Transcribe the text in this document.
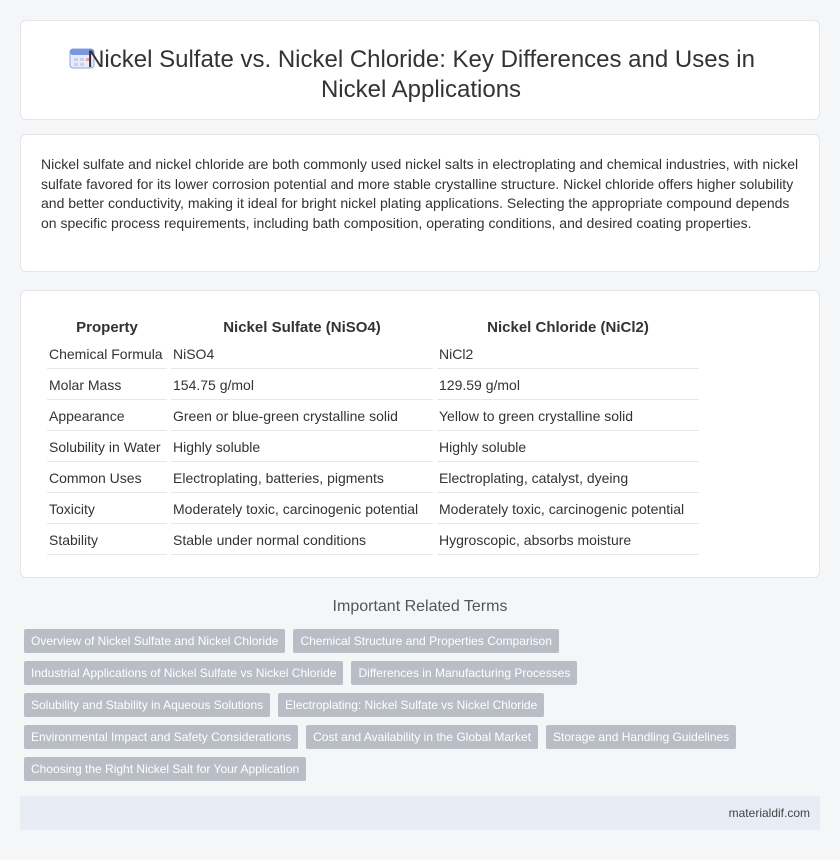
Nickel Sulfate vs. Nickel Chloride: Key Differences and Uses in Nickel Applications

Nickel sulfate and nickel chloride are both commonly used nickel salts in electroplating and chemical industries, with nickel sulfate favored for its lower corrosion potential and more stable crystalline structure. Nickel chloride offers higher solubility and better conductivity, making it ideal for bright nickel plating applications. Selecting the appropriate compound depends on specific process requirements, including bath composition, operating conditions, and desired coating properties.

Property	Nickel Sulfate (NiSO4)	Nickel Chloride (NiCl2)
Chemical Formula	NiSO4	NiCl2
Molar Mass	154.75 g/mol	129.59 g/mol
Appearance	Green or blue-green crystalline solid	Yellow to green crystalline solid
Solubility in Water	Highly soluble	Highly soluble
Common Uses	Electroplating, batteries, pigments	Electroplating, catalyst, dyeing
Toxicity	Moderately toxic, carcinogenic potential	Moderately toxic, carcinogenic potential
Stability	Stable under normal conditions	Hygroscopic, absorbs moisture
Important Related Terms
Overview of Nickel Sulfate and Nickel Chloride	Chemical Structure and Properties Comparison
Industrial Applications of Nickel Sulfate vs Nickel Chloride	Differences in Manufacturing Processes
Solubility and Stability in Aqueous Solutions	Electroplating: Nickel Sulfate vs Nickel Chloride
Environmental Impact and Safety Considerations	Cost and Availability in the Global Market	Storage and Handling Guidelines
Choosing the Right Nickel Salt for Your Application
materialdif.com
